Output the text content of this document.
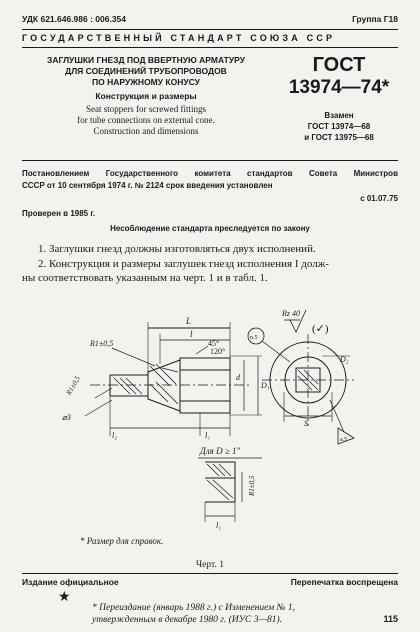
УДК 621.646.986 : 006.354	Группа Г18
ГОСУДАРСТВЕННЫЙ СТАНДАРТ СОЮЗА ССР
ЗАГЛУШКИ ГНЕЗД ПОД ВВЕРТНУЮ АРМАТУРУ
ДЛЯ СОЕДИНЕНИЙ ТРУБОПРОВОДОВ
ПО НАРУЖНОМУ КОНУСУ
Конструкция и размеры
Seat stoppers for screwed fittings
for tube connections on external cone.
Construction and dimensions
ГОСТ
13974—74*
Взамен
ГОСТ 13974—68
и ГОСТ 13975—68
Постановлением Государственного комитета стандартов Совета Министров
СССР от 10 сентября 1974 г. № 2124 срок введения установлен
с 01.07.75
Проверен в 1985 г.
Несоблюдение стандарта преследуется по закону
1. Заглушки гнезд должны изготовляться двух исполнений.
2. Конструкция и размеры заглушек гнезд исполнения I долж-
ны соответствовать указанным на черт. 1 и в табл. 1.
L
l
45°
120°
R1±0,5
R1±0,5
⌀3
d
D₁
l₂	l₁
n.5
Rz 40
(✓)
D₂
S
a.5
Для D ≥ 1"
R1±0,5
l₁
* Размер для справок.
Черт. 1
Издание официальное	Перепечатка воспрещена
★
* Переиздание (январь 1988 г.) с Изменением № 1,
утвержденным в декабре 1980 г. (ИУС 3—81).	115
